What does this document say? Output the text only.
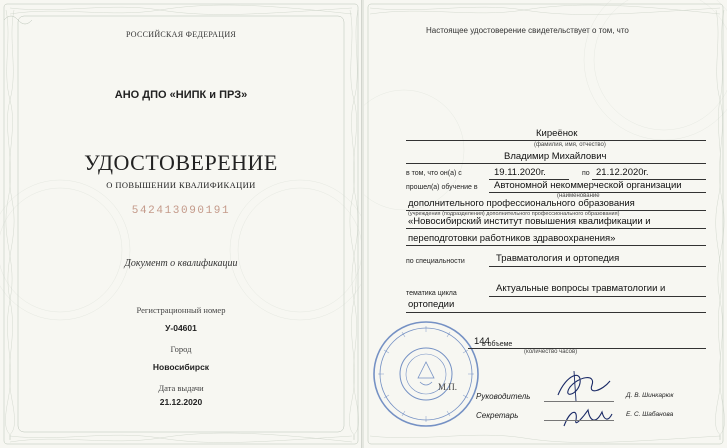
РОССИЙСКАЯ ФЕДЕРАЦИЯ
АНО ДПО «НИПК и ПРЗ»
УДОСТОВЕРЕНИЕ
О ПОВЫШЕНИИ КВАЛИФИКАЦИИ
542413090191
Документ о квалификации
Регистрационный номер
У-04601
Город
Новосибирск
Дата выдачи
21.12.2020
Настоящее удостоверение свидетельствует о том, что
Киреёнок
(фамилия, имя, отчество)
Владимир Михайлович
в том, что он(а) с	19.11.2020г.	по 21.12.2020г.
прошел(а) обучение в Автономной некоммерческой организации
(наименование
дополнительного профессионального образования
(учреждения (подразделения) дополнительного профессионального образования)
«Новосибирский институт повышения квалификации и
переподготовки работников здравоохранения»
по специальности	Травматология и ортопедия
тематика цикла	Актуальные вопросы травматологии и
ортопедии
в объеме
144
(количество часов)
М.П.
Руководитель	Д. В. Шинкарюк
Секретарь	Е. С. Шабанова
